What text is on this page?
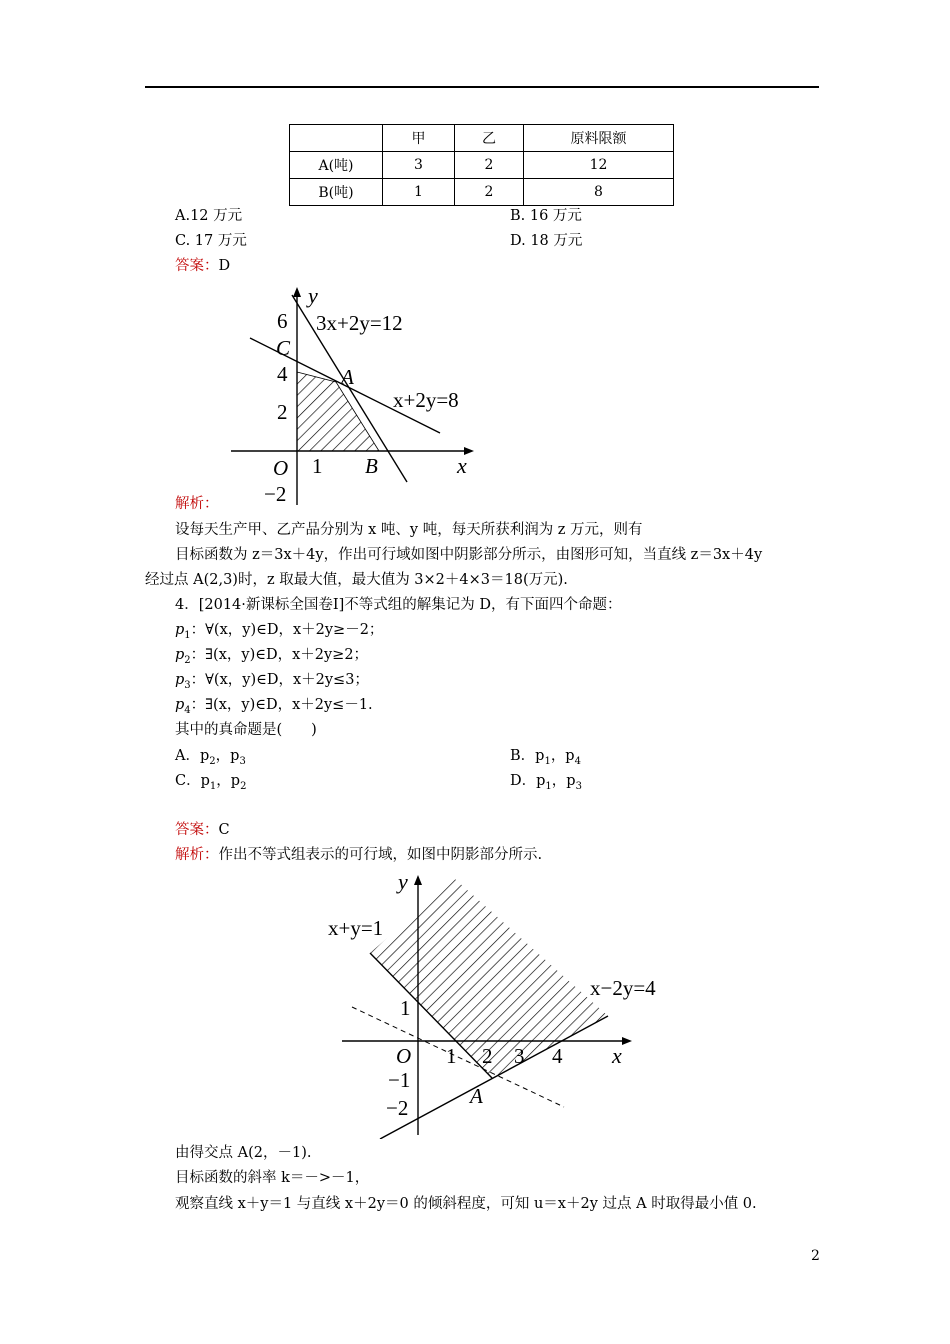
	甲	乙	原料限额
A(吨)	3	2	12
B(吨)	1	2	8
A.12 万元	B. 16 万元
C. 17 万元	D. 18 万元
答案：D
y
6 3x+2y=12
C
4	A
x+2y=8
2
O 1 B	x
−2
解析：
设每天生产甲、乙产品分别为 x 吨、y 吨，每天所获利润为 z 万元，则有
目标函数为 z＝3x＋4y，作出可行域如图中阴影部分所示，由图形可知，当直线 z＝3x＋4y
经过点 A(2,3)时，z 取最大值，最大值为 3×2＋4×3＝18(万元).
4．[2014·新课标全国卷Ⅰ]不等式组的解集记为 D，有下面四个命题：
$p_1$：∀(x，y)∈D，x＋2y≥－2；
$p_2$：∃(x，y)∈D，x＋2y≥2；
$p_3$：∀(x，y)∈D，x＋2y≤3；
$p_4$：∃(x，y)∈D，x＋2y≤－1.
其中的真命题是(　　)
A．$p_2$，$p_3$	B．$p_1$，$p_4$
C．$p_1$，$p_2$	D．$p_1$，$p_3$
答案：C
解析：作出不等式组表示的可行域，如图中阴影部分所示.
y
x+y=1
x−2y=4
1
O 1 2 3 4 x
−1
A
−2
由得交点 A(2，－1).
目标函数的斜率 k＝－>－1，
观察直线 x＋y＝1 与直线 x＋2y＝0 的倾斜程度，可知 u＝x＋2y 过点 A 时取得最小值 0.
2
